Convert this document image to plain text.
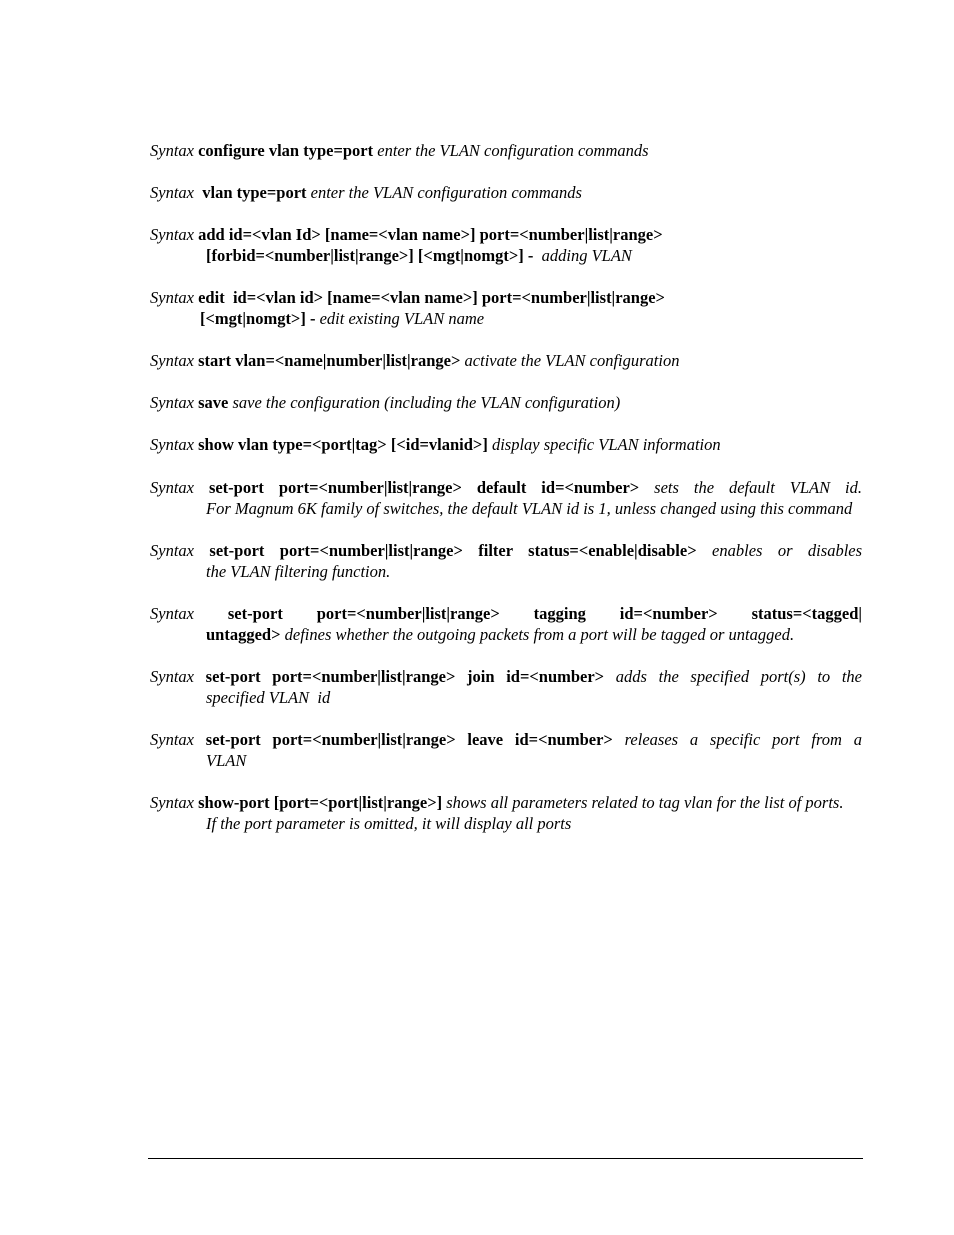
Syntax configure vlan type=port enter the VLAN configuration commands
Syntax vlan type=port enter the VLAN configuration commands
Syntax add id=<vlan Id> [name=<vlan name>] port=<number|list|range>
[forbid=<number|list|range>] [<mgt|nomgt>] - adding VLAN
Syntax edit  id=<vlan id> [name=<vlan name>] port=<number|list|range>
[<mgt|nomgt>] - edit existing VLAN name
Syntax start vlan=<name|number|list|range> activate the VLAN configuration
Syntax save save the configuration (including the VLAN configuration)
Syntax show vlan type=<port|tag> [<id=vlanid>] display specific VLAN information
Syntax set-port port=<number|list|range> default id=<number> sets the default VLAN id.
For Magnum 6K family of switches, the default VLAN id is 1, unless changed using this command
Syntax set-port port=<number|list|range> filter status=<enable|disable> enables or disables
the VLAN filtering function.
Syntax set-port port=<number|list|range> tagging id=<number> status=<tagged|
untagged> defines whether the outgoing packets from a port will be tagged or untagged.
Syntax set-port port=<number|list|range> join id=<number> adds the specified port(s) to the
specified VLAN  id
Syntax set-port port=<number|list|range> leave id=<number> releases a specific port from a
VLAN
Syntax show-port [port=<port|list|range>] shows all parameters related to tag vlan for the list of ports.
If the port parameter is omitted, it will display all ports
